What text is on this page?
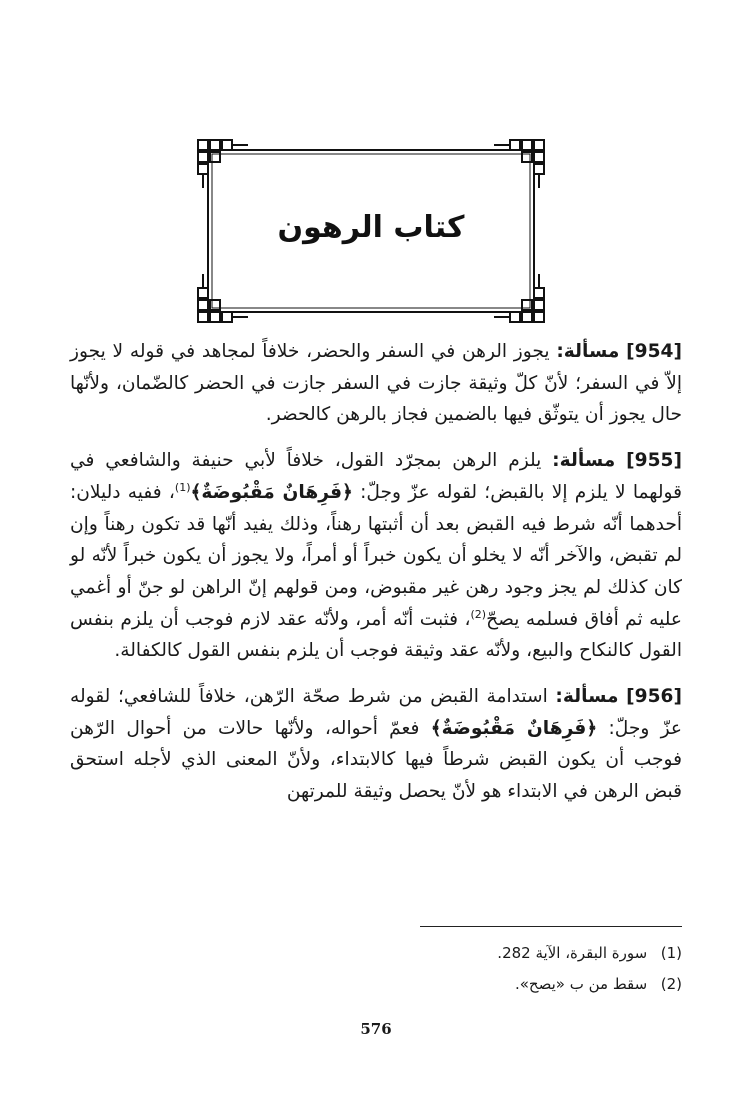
كتاب الرهون

[954] مسألة: يجوز الرهن في السفر والحضر، خلافاً لمجاهد في قوله لا يجوز إلاّ في السفر؛ لأنّ كلّ وثيقة جازت في السفر جازت في الحضر كالضّمان، ولأنّها حال يجوز أن يتوثّق فيها بالضمين فجاز بالرهن كالحضر.

[955] مسألة: يلزم الرهن بمجرّد القول، خلافاً لأبي حنيفة والشافعي في قولهما لا يلزم إلا بالقبض؛ لقوله عزّ وجلّ: ﴿فَرِهَانٌ مَقْبُوضَةٌ﴾$^{(1)}$، ففيه دليلان: أحدهما أنّه شرط فيه القبض بعد أن أثبتها رهناً، وذلك يفيد أنّها قد تكون رهناً وإن لم تقبض، والآخر أنّه لا يخلو أن يكون خبراً أو أمراً، ولا يجوز أن يكون خبراً لأنّه لو كان كذلك لم يجز وجود رهن غير مقبوض، ومن قولهم إنّ الراهن لو جنّ أو أغمي عليه ثم أفاق فسلمه يصحّ$^{(2)}$، فثبت أنّه أمر، ولأنّه عقد لازم فوجب أن يلزم بنفس القول كالنكاح والبيع، ولأنّه عقد وثيقة فوجب أن يلزم بنفس القول كالكفالة.

[956] مسألة: استدامة القبض من شرط صحّة الرّهن، خلافاً للشافعي؛ لقوله عزّ وجلّ: ﴿فَرِهَانٌ مَقْبُوضَةٌ﴾ فعمّ أحواله، ولأنّها حالات من أحوال الرّهن فوجب أن يكون القبض شرطاً فيها كالابتداء، ولأنّ المعنى الذي لأجله استحق قبض الرهن في الابتداء هو لأنّ يحصل وثيقة للمرتهن

(1) سورة البقرة، الآية 282.
(2) سقط من ب «يصح».
576
